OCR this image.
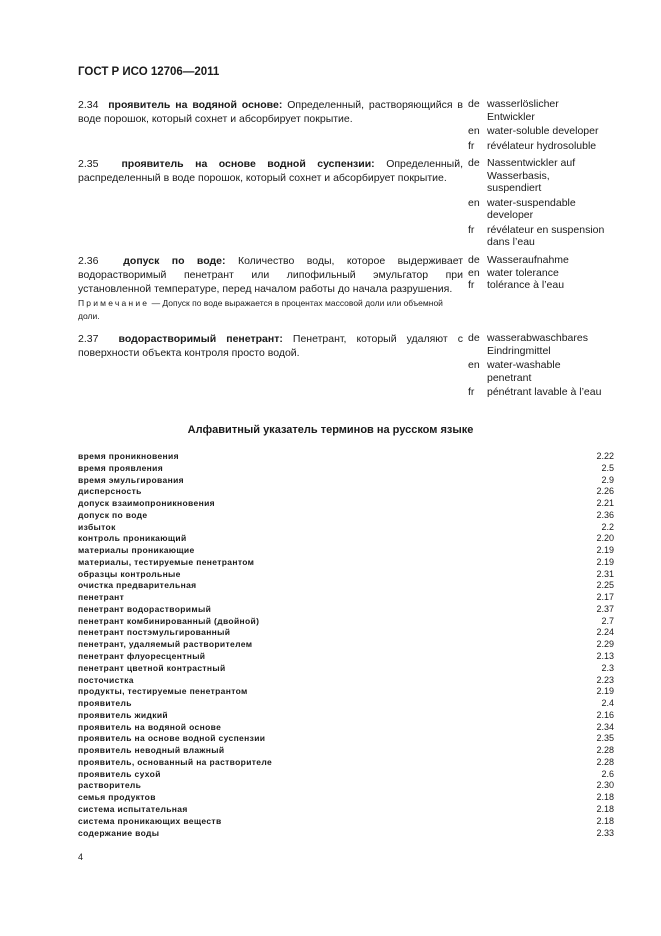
ГОСТ Р ИСО 12706—2011
2.34 проявитель на водяной основе: Определенный, растворяющийся в воде порошок, который сохнет и абсорбирует покрытие.
de wasserlöslicher
Entwickler
en water-soluble developer
fr	révélateur hydrosoluble
2.35 проявитель на основе водной суспензии: Определенный, распределенный в воде порошок, который сохнет и абсорбирует покрытие.
de Nassentwickler auf
Wasserbasis,
suspendiert
en water-suspendable
developer
fr	révélateur en suspension
dans l’eau
2.36 допуск по воде: Количество воды, которое выдерживает водорастворимый пенетрант или липофильный эмульгатор при установленной температуре, перед началом работы до начала разрушения.
de Wasseraufnahme
en water tolerance
fr	tolérance à l’eau
Примечание — Допуск по воде выражается в процентах массовой доли или объемной доли.
2.37 водорастворимый пенетрант: Пенетрант, который удаляют с поверхности объекта контроля просто водой.
de wasserabwaschbares
Eindringmittel
en water-washable
penetrant
fr	pénétrant lavable à l’eau
Алфавитный указатель терминов на русском языке
время проникновения	2.22
время проявления	2.5
время эмульгирования	2.9
дисперсность	2.26
допуск взаимопроникновения	2.21
допуск по воде	2.36
избыток	2.2
контроль проникающий	2.20
материалы проникающие	2.19
материалы, тестируемые пенетрантом	2.19
образцы контрольные	2.31
очистка предварительная	2.25
пенетрант	2.17
пенетрант водорастворимый	2.37
пенетрант комбинированный (двойной)	2.7
пенетрант постэмульгированный	2.24
пенетрант, удаляемый растворителем	2.29
пенетрант флуоресцентный	2.13
пенетрант цветной контрастный	2.3
посточистка	2.23
продукты, тестируемые пенетрантом	2.19
проявитель	2.4
проявитель жидкий	2.16
проявитель на водяной основе	2.34
проявитель на основе водной суспензии	2.35
проявитель неводный влажный	2.28
проявитель, основанный на растворителе	2.28
проявитель сухой	2.6
растворитель	2.30
семья продуктов	2.18
система испытательная	2.18
система проникающих веществ	2.18
содержание воды	2.33
4
